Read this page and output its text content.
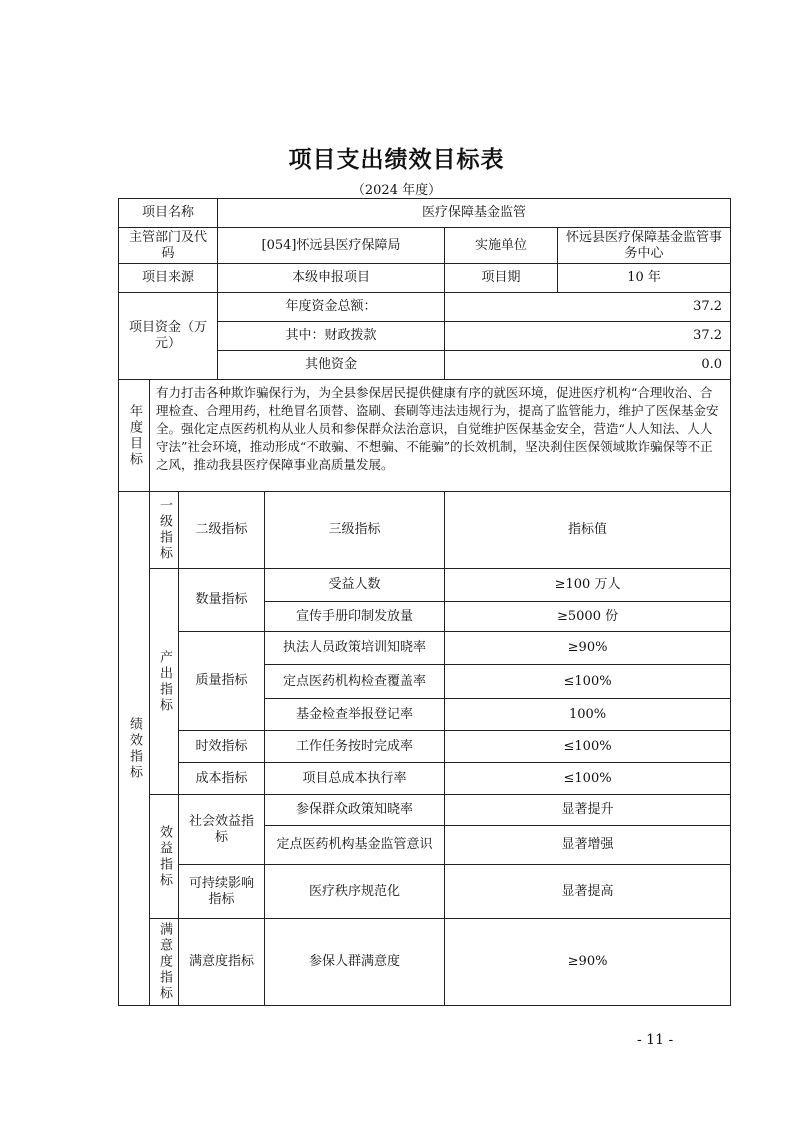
项目支出绩效目标表
（2024 年度）
项目名称			医疗保障基金监管			
主管部门及代码			[054]怀远县医疗保障局		实施单位	怀远县医疗保障基金监管事务中心
项目来源			本级申报项目		项目期	10 年
项目资金（万元）			年度资金总额：		37.2	
			其中：财政拨款		37.2	
			其他资金		0.0	

年度目标	有力打击各种欺诈骗保行为，为全县参保居民提供健康有序的就医环境，促进医疗机构“合理收治、合理检查、合理用药，杜绝冒名顶替、盗刷、套刷等违法违规行为，提高了监管能力，维护了医保基金安全。强化定点医药机构从业人员和参保群众法治意识，自觉维护医保基金安全，营造“人人知法、人人守法”社会环境，推动形成“不敢骗、不想骗、不能骗”的长效机制，坚决刹住医保领域欺诈骗保等不正之风，推动我县医疗保障事业高质量发展。					

绩效指标	一级指标	二级指标		三级指标	指标值	

	产出指标	数量指标		受益人数	≥100 万人	
				宣传手册印制发放量	≥5000 份	
		质量指标		执法人员政策培训知晓率	≥90%	
				定点医药机构检查覆盖率	≤100%	
				基金检查举报登记率	100%	
		时效指标		工作任务按时完成率	≤100%	
		成本指标		项目总成本执行率	≤100%	

	效益指标	社会效益指标		参保群众政策知晓率	显著提升	
				定点医药机构基金监管意识	显著增强	
		可持续影响指标		医疗秩序规范化	显著提高	

	满意度指标	满意度指标		参保人群满意度	≥90%	
- 11 -
